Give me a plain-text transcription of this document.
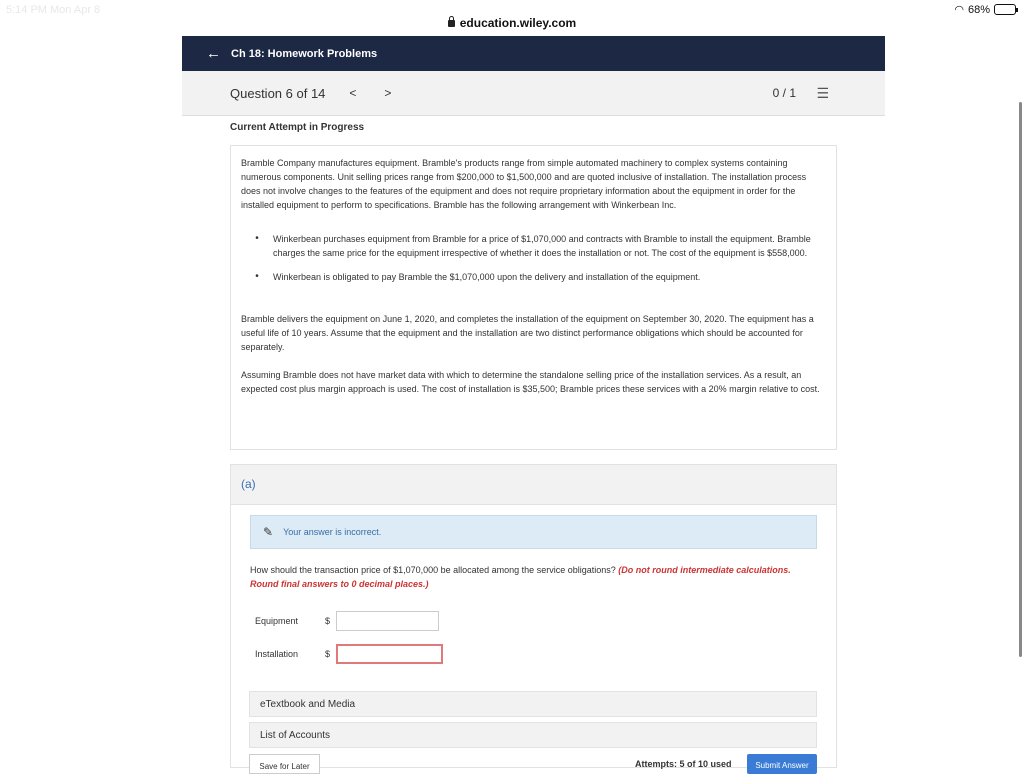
5:14 PM Mon Apr 8
education.wiley.com
◠ 68%
← Ch 18: Homework Problems
Question 6 of 14 < >	0 / 1 ☰
Current Attempt in Progress

Bramble Company manufactures equipment. Bramble's products range from simple automated machinery to complex systems containing numerous components. Unit selling prices range from $200,000 to $1,500,000 and are quoted inclusive of installation. The installation process does not involve changes to the features of the equipment and does not require proprietary information about the equipment in order for the installed equipment to perform to specifications. Bramble has the following arrangement with Winkerbean Inc.

•	Winkerbean purchases equipment from Bramble for a price of $1,070,000 and contracts with Bramble to install the equipment. Bramble charges the same price for the equipment irrespective of whether it does the installation or not. The cost of the equipment is $558,000.
•	Winkerbean is obligated to pay Bramble the $1,070,000 upon the delivery and installation of the equipment.

Bramble delivers the equipment on June 1, 2020, and completes the installation of the equipment on September 30, 2020. The equipment has a useful life of 10 years. Assume that the equipment and the installation are two distinct performance obligations which should be accounted for separately.

Assuming Bramble does not have market data with which to determine the standalone selling price of the installation services. As a result, an expected cost plus margin approach is used. The cost of installation is $35,500; Bramble prices these services with a 20% margin relative to cost.

(a)
✎ Your answer is incorrect.
How should the transaction price of $1,070,000 be allocated among the service obligations? (Do not round intermediate calculations. Round final answers to 0 decimal places.)
Equipment	$
Installation	$
eTextbook and Media
List of Accounts
Save for Later	Attempts: 5 of 10 used	Submit Answer
